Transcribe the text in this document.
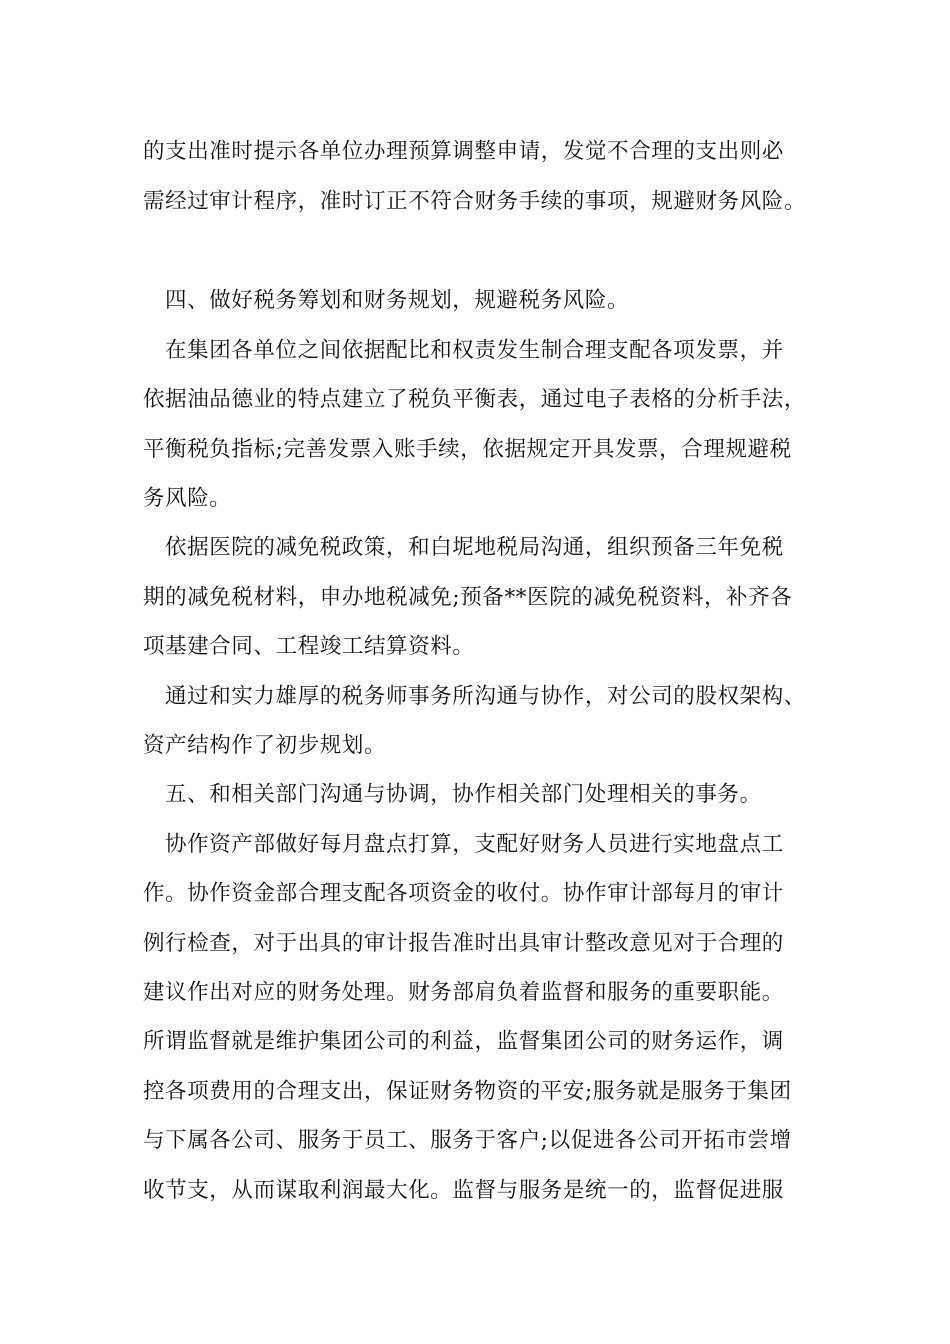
的支出准时提示各单位办理预算调整申请，发觉不合理的支出则必
需经过审计程序，准时订正不符合财务手续的事项，规避财务风险。
四、做好税务筹划和财务规划，规避税务风险。
在集团各单位之间依据配比和权责发生制合理支配各项发票，并
依据油品德业的特点建立了税负平衡表，通过电子表格的分析手法，
平衡税负指标;完善发票入账手续，依据规定开具发票，合理规避税
务风险。
依据医院的减免税政策，和白坭地税局沟通，组织预备三年免税
期的减免税材料，申办地税减免;预备**医院的减免税资料，补齐各
项基建合同、工程竣工结算资料。
通过和实力雄厚的税务师事务所沟通与协作，对公司的股权架构、
资产结构作了初步规划。
五、和相关部门沟通与协调，协作相关部门处理相关的事务。
协作资产部做好每月盘点打算，支配好财务人员进行实地盘点工
作。协作资金部合理支配各项资金的收付。协作审计部每月的审计
例行检查，对于出具的审计报告准时出具审计整改意见对于合理的
建议作出对应的财务处理。财务部肩负着监督和服务的重要职能。
所谓监督就是维护集团公司的利益，监督集团公司的财务运作，调
控各项费用的合理支出，保证财务物资的平安;服务就是服务于集团
与下属各公司、服务于员工、服务于客户;以促进各公司开拓市尝增
收节支，从而谋取利润最大化。监督与服务是统一的，监督促进服
